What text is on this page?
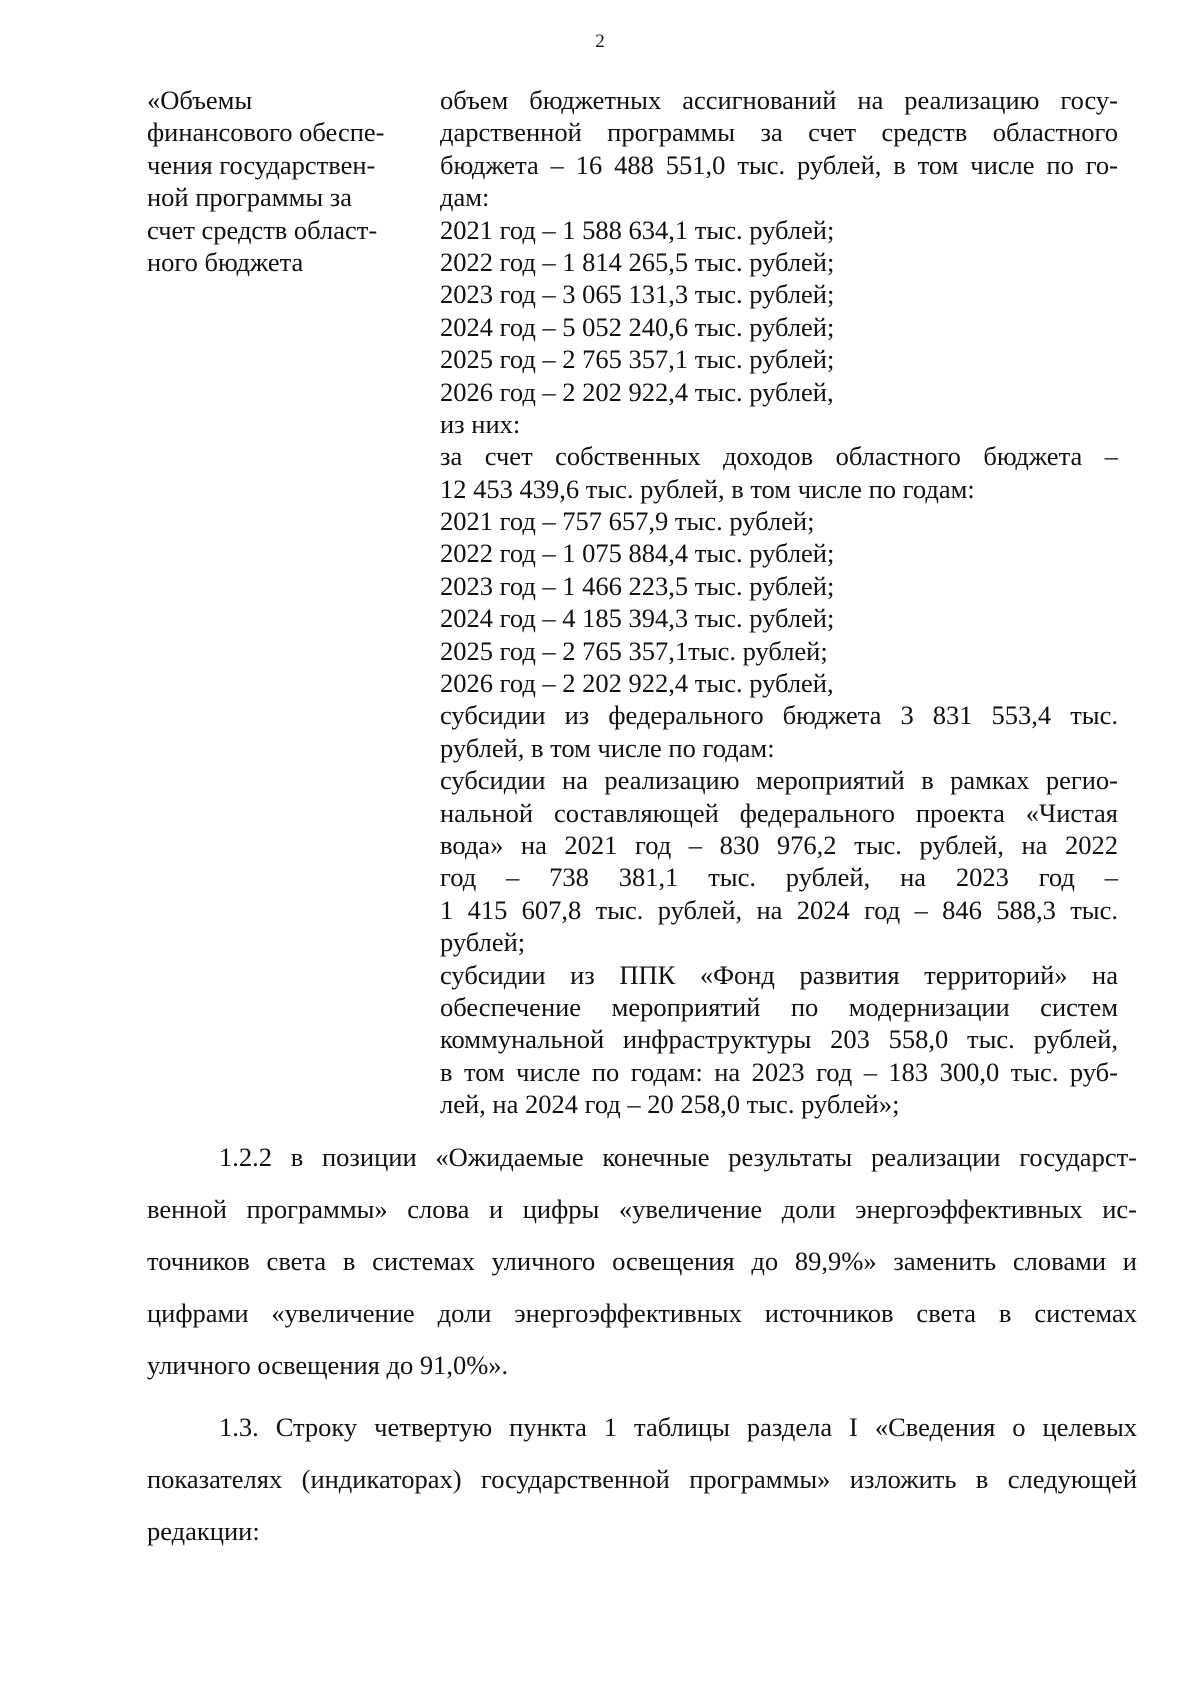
2
«Объемы
финансового обеспе-
чения государствен-
ной программы за
счет средств област-
ного бюджета
объем бюджетных ассигнований на реализацию госу-
дарственной программы за счет средств областного
бюджета – 16 488 551,0 тыс. рублей, в том числе по го-
дам:
2021 год – 1 588 634,1 тыс. рублей;
2022 год – 1 814 265,5 тыс. рублей;
2023 год – 3 065 131,3 тыс. рублей;
2024 год – 5 052 240,6 тыс. рублей;
2025 год – 2 765 357,1 тыс. рублей;
2026 год – 2 202 922,4 тыс. рублей,
из них:
за счет собственных доходов областного бюджета –
12 453 439,6 тыс. рублей, в том числе по годам:
2021 год – 757 657,9 тыс. рублей;
2022 год – 1 075 884,4 тыс. рублей;
2023 год – 1 466 223,5 тыс. рублей;
2024 год – 4 185 394,3 тыс. рублей;
2025 год – 2 765 357,1тыс. рублей;
2026 год – 2 202 922,4 тыс. рублей,
субсидии из федерального бюджета 3 831 553,4 тыс.
рублей, в том числе по годам:
субсидии на реализацию мероприятий в рамках регио-
нальной составляющей федерального проекта «Чистая
вода» на 2021 год – 830 976,2 тыс. рублей, на 2022
год – 738 381,1 тыс. рублей, на 2023 год –
1 415 607,8 тыс. рублей, на 2024 год – 846 588,3 тыс.
рублей;
субсидии из ППК «Фонд развития территорий» на
обеспечение мероприятий по модернизации систем
коммунальной инфраструктуры 203 558,0 тыс. рублей,
в том числе по годам: на 2023 год – 183 300,0 тыс. руб-
лей, на 2024 год – 20 258,0 тыс. рублей»;
1.2.2 в позиции «Ожидаемые конечные результаты реализации государст-
венной программы» слова и цифры «увеличение доли энергоэффективных ис-
точников света в системах уличного освещения до 89,9%» заменить словами и
цифрами «увеличение доли энергоэффективных источников света в системах
уличного освещения до 91,0%».
1.3. Строку четвертую пункта 1 таблицы раздела I «Сведения о целевых
показателях (индикаторах) государственной программы» изложить в следующей
редакции:
